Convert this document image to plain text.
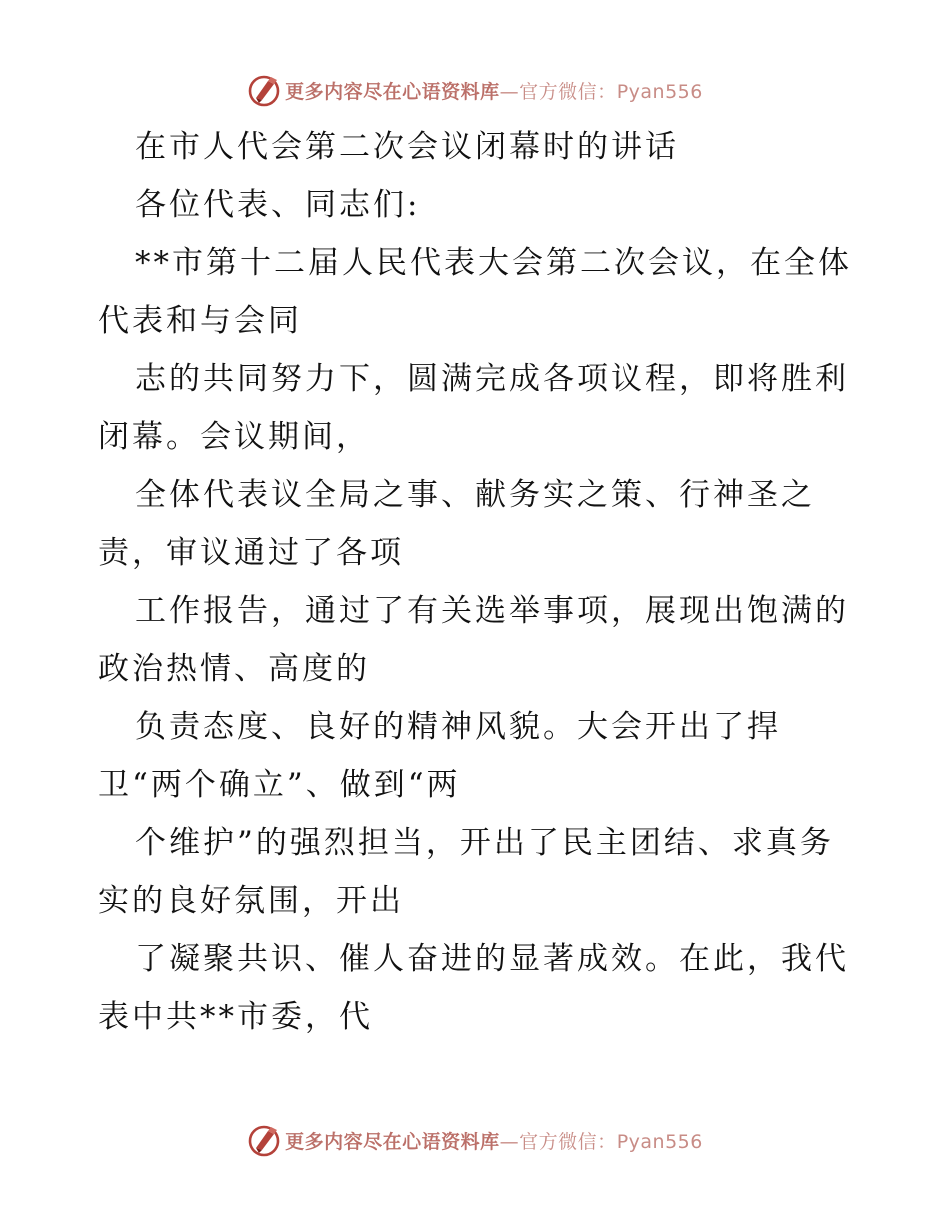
更多内容尽在心语资料库—官方微信：Pyan556

在市人代会第二次会议闭幕时的讲话

各位代表、同志们:

**市第十二届人民代表大会第二次会议，在全体代表和与会同

志的共同努力下，圆满完成各项议程，即将胜利闭幕。会议期间，

全体代表议全局之事、献务实之策、行神圣之责，审议通过了各项

工作报告，通过了有关选举事项，展现出饱满的政治热情、高度的

负责态度、良好的精神风貌。大会开出了捍卫“两个确立”、做到“两

个维护”的强烈担当，开出了民主团结、求真务实的良好氛围，开出

了凝聚共识、催人奋进的显著成效。在此，我代表中共**市委，代

更多内容尽在心语资料库—官方微信：Pyan556
